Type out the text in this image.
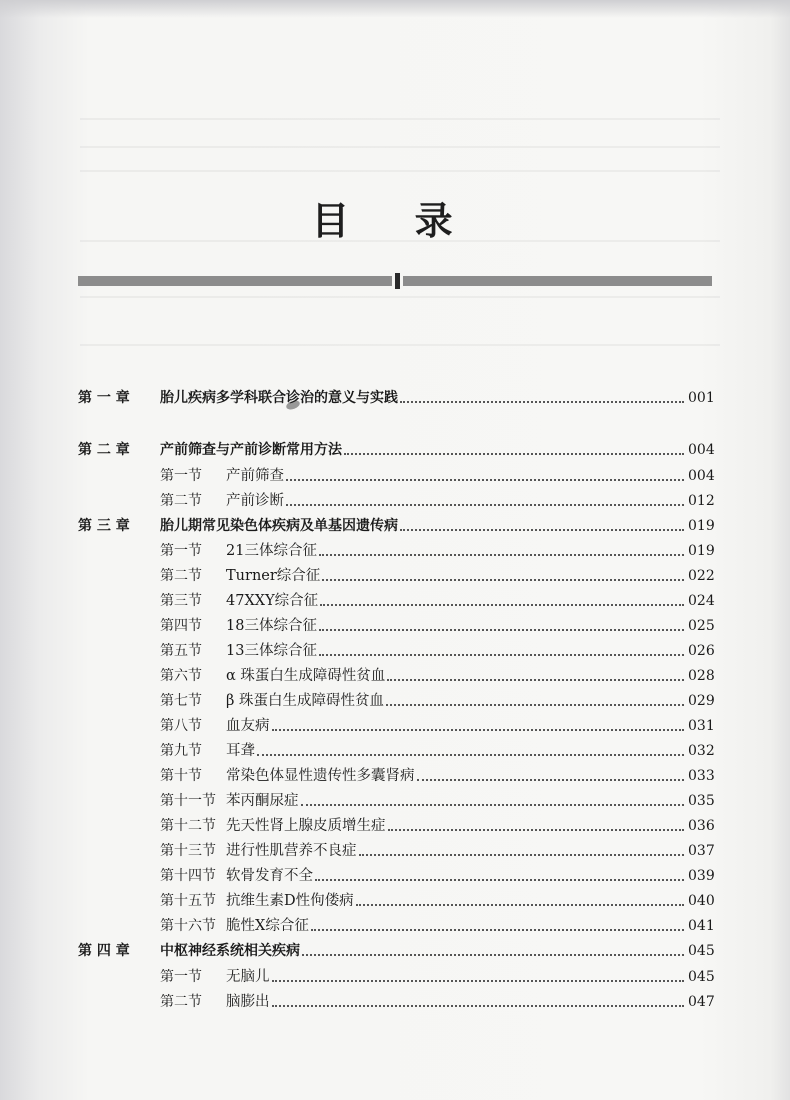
目 录
第 一 章	胎儿疾病多学科联合诊治的意义与实践	001
第 二 章	产前筛查与产前诊断常用方法	004
第一节	产前筛查	004
第二节	产前诊断	012
第 三 章	胎儿期常见染色体疾病及单基因遗传病	019
第一节	21三体综合征	019
第二节	Turner综合征	022
第三节	47XXY综合征	024
第四节	18三体综合征	025
第五节	13三体综合征	026
第六节	α 珠蛋白生成障碍性贫血	028
第七节	β 珠蛋白生成障碍性贫血	029
第八节	血友病	031
第九节	耳聋	032
第十节	常染色体显性遗传性多囊肾病	033
第十一节 苯丙酮尿症	035
第十二节 先天性肾上腺皮质增生症	036
第十三节 进行性肌营养不良症	037
第十四节 软骨发育不全	039
第十五节 抗维生素D性佝偻病	040
第十六节 脆性X综合征	041
第 四 章	中枢神经系统相关疾病	045
第一节	无脑儿	045
第二节	脑膨出	047
